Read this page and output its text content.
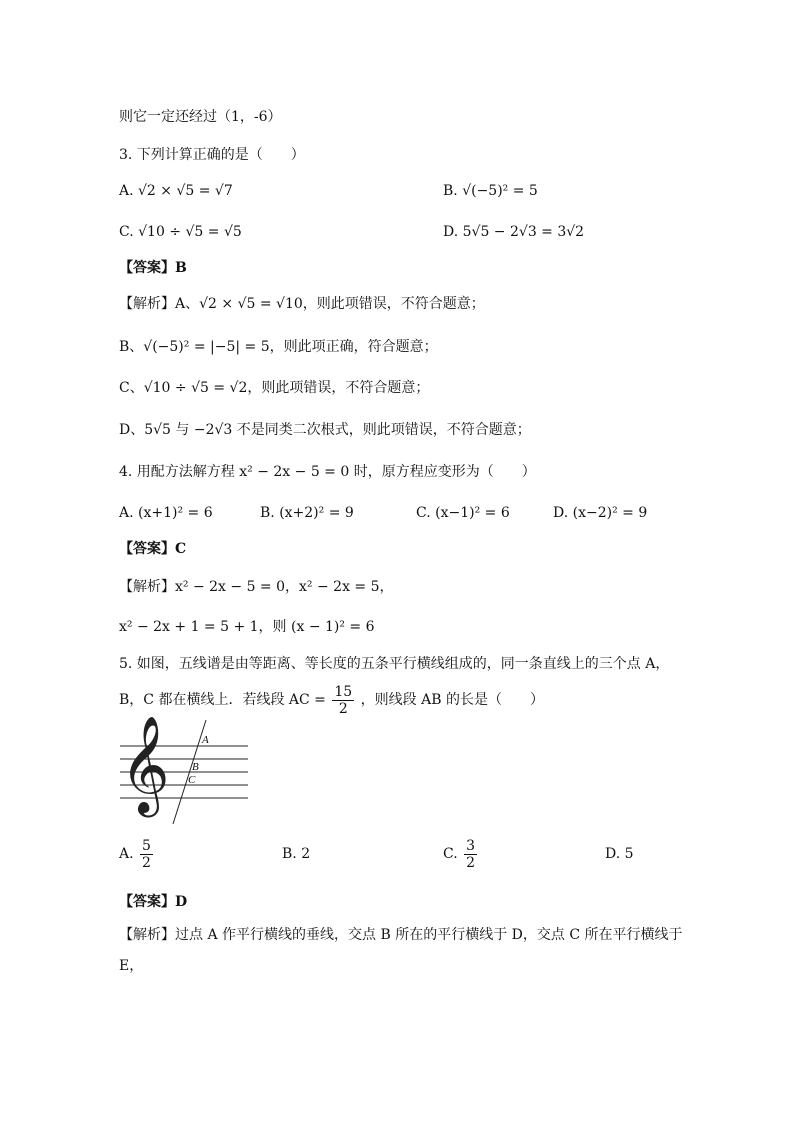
则它一定还经过（1，-6）
3. 下列计算正确的是（　　）
A. √2 × √5 = √7	B. √(−5)² = 5
C. √10 ÷ √5 = √5	D. 5√5 − 2√3 = 3√2
【答案】B
【解析】A、√2 × √5 = √10，则此项错误，不符合题意；
B、√(−5)² = |−5| = 5，则此项正确，符合题意；
C、√10 ÷ √5 = √2，则此项错误，不符合题意；
D、5√5 与 −2√3 不是同类二次根式，则此项错误，不符合题意；
4. 用配方法解方程 x² − 2x − 5 = 0 时，原方程应变形为（　　）
A. (x+1)² = 6	B. (x+2)² = 9	C. (x−1)² = 6	D. (x−2)² = 9
【答案】C
【解析】x² − 2x − 5 = 0，x² − 2x = 5，
x² − 2x + 1 = 5 + 1，则 (x − 1)² = 6
5. 如图，五线谱是由等距离、等长度的五条平行横线组成的，同一条直线上的三个点 A，
B，C 都在横线上．若线段 AC = $\frac{15}{2}$ ，则线段 AB 的长是（　　）
𝄞	A
B
C
A. $\frac{5}{2}$	B. 2	C. $\frac{3}{2}$	D. 5
【答案】D
【解析】过点 A 作平行横线的垂线，交点 B 所在的平行横线于 D，交点 C 所在平行横线于
E，
